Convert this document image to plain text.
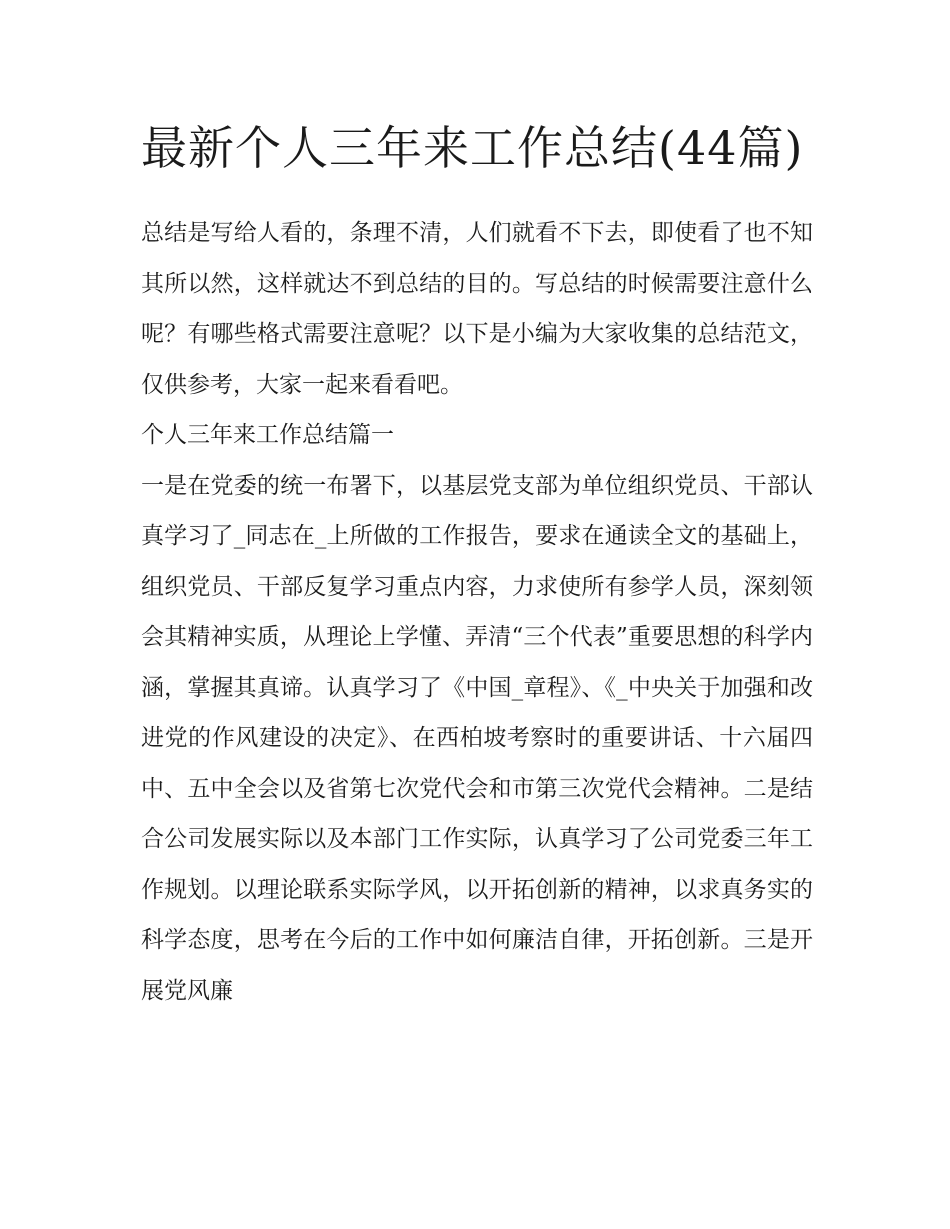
最新个人三年来工作总结(44篇)

总结是写给人看的，条理不清，人们就看不下去，即使看了也不知其所以然，这样就达不到总结的目的。写总结的时候需要注意什么呢？有哪些格式需要注意呢？以下是小编为大家收集的总结范文，仅供参考，大家一起来看看吧。

个人三年来工作总结篇一

一是在党委的统一布署下，以基层党支部为单位组织党员、干部认真学习了_同志在_上所做的工作报告，要求在通读全文的基础上，组织党员、干部反复学习重点内容，力求使所有参学人员，深刻领会其精神实质，从理论上学懂、弄清“三个代表”重要思想的科学内涵，掌握其真谛。认真学习了《中国_章程》、《_中央关于加强和改进党的作风建设的决定》、在西柏坡考察时的重要讲话、十六届四中、五中全会以及省第七次党代会和市第三次党代会精神。二是结合公司发展实际以及本部门工作实际，认真学习了公司党委三年工作规划。以理论联系实际学风，以开拓创新的精神，以求真务实的科学态度，思考在今后的工作中如何廉洁自律，开拓创新。三是开展党风廉
